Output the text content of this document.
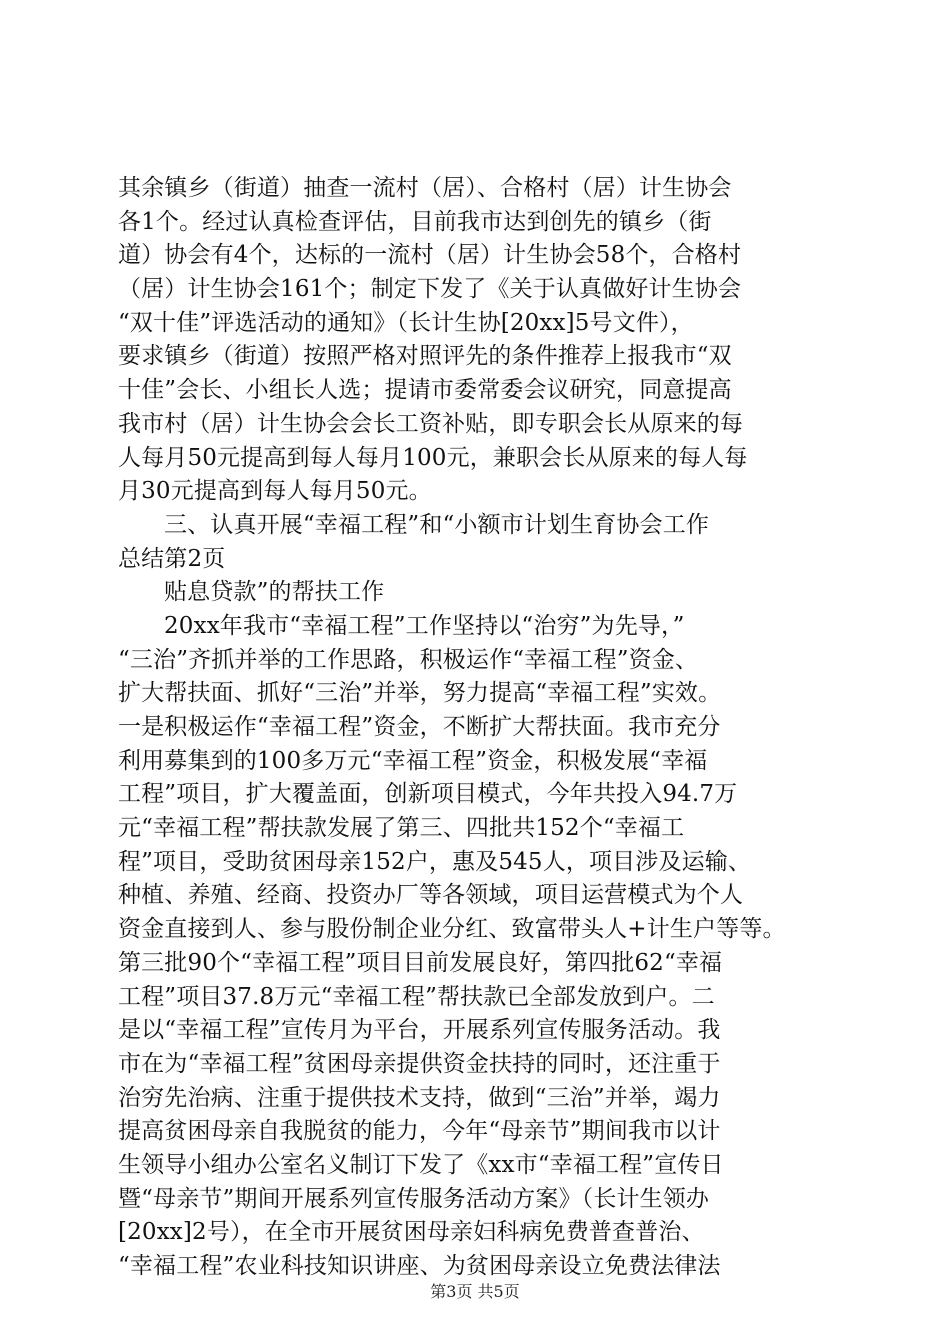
其余镇乡（街道）抽查一流村（居）、合格村（居）计生协会
各1个。经过认真检查评估，目前我市达到创先的镇乡（街
道）协会有4个，达标的一流村（居）计生协会58个，合格村
（居）计生协会161个；制定下发了《关于认真做好计生协会
“双十佳”评选活动的通知》（长计生协[20xx]5号文件），
要求镇乡（街道）按照严格对照评先的条件推荐上报我市“双
十佳”会长、小组长人选；提请市委常委会议研究，同意提高
我市村（居）计生协会会长工资补贴，即专职会长从原来的每
人每月50元提高到每人每月100元，兼职会长从原来的每人每
月30元提高到每人每月50元。
三、认真开展“幸福工程”和“小额市计划生育协会工作
总结第2页
贴息贷款”的帮扶工作
20xx年我市“幸福工程”工作坚持以“治穷”为先导，”
“三治”齐抓并举的工作思路，积极运作“幸福工程”资金、
扩大帮扶面、抓好“三治”并举，努力提高“幸福工程”实效。
一是积极运作“幸福工程”资金，不断扩大帮扶面。我市充分
利用募集到的100多万元“幸福工程”资金，积极发展“幸福
工程”项目，扩大覆盖面，创新项目模式，今年共投入94.7万
元“幸福工程”帮扶款发展了第三、四批共152个“幸福工
程”项目，受助贫困母亲152户，惠及545人，项目涉及运输、
种植、养殖、经商、投资办厂等各领域，项目运营模式为个人
资金直接到人、参与股份制企业分红、致富带头人+计生户等等。
第三批90个“幸福工程”项目目前发展良好，第四批62“幸福
工程”项目37.8万元“幸福工程”帮扶款已全部发放到户。二
是以“幸福工程”宣传月为平台，开展系列宣传服务活动。我
市在为“幸福工程”贫困母亲提供资金扶持的同时，还注重于
治穷先治病、注重于提供技术支持，做到“三治”并举，竭力
提高贫困母亲自我脱贫的能力，今年“母亲节”期间我市以计
生领导小组办公室名义制订下发了《xx市“幸福工程”宣传日
暨“母亲节”期间开展系列宣传服务活动方案》（长计生领办
[20xx]2号），在全市开展贫困母亲妇科病免费普查普治、
“幸福工程”农业科技知识讲座、为贫困母亲设立免费法律法
第3页 共5页
